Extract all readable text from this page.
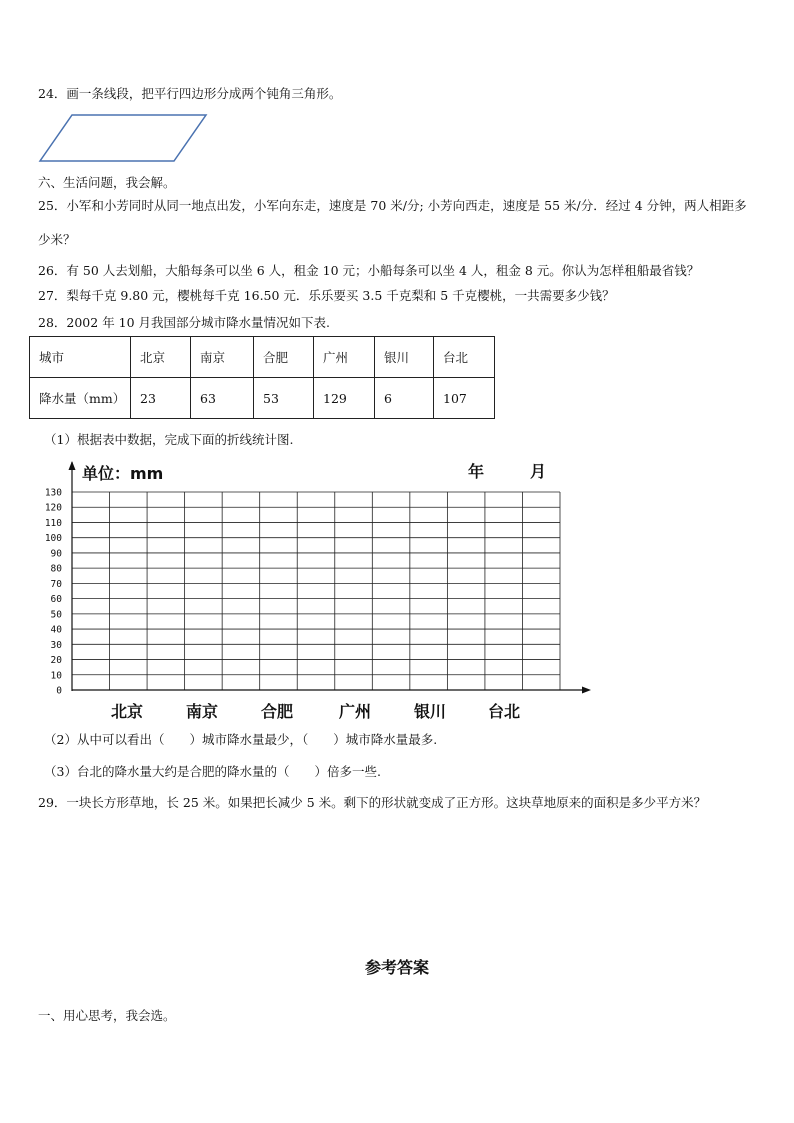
24．画一条线段，把平行四边形分成两个钝角三角形。
六、生活问题，我会解。
25．小军和小芳同时从同一地点出发，小军向东走，速度是 70 米/分; 小芳向西走，速度是 55 米/分．经过 4 分钟，两人相距多少米？
26．有 50 人去划船，大船每条可以坐 6 人，租金 10 元；小船每条可以坐 4 人，租金 8 元。你认为怎样租船最省钱？
27．梨每千克 9.80 元，樱桃每千克 16.50 元．乐乐要买 3.5 千克梨和 5 千克樱桃，一共需要多少钱？
28．2002 年 10 月我国部分城市降水量情况如下表.
城市	北京	南京	合肥	广州	银川	台北
降水量（mm）	23	63	53	129	6	107
（1）根据表中数据，完成下面的折线统计图.
0
10
20
30
40
50
60
70
80
90
100
110
120
130
单位：mm	年	月
北京	南京	合肥	广州	银川	台北
（2）从中可以看出（　　）城市降水量最少，（　　）城市降水量最多.
（3）台北的降水量大约是合肥的降水量的（　　）倍多一些.
29．一块长方形草地，长 25 米。如果把长减少 5 米。剩下的形状就变成了正方形。这块草地原来的面积是多少平方米？
参考答案
一、用心思考，我会选。
